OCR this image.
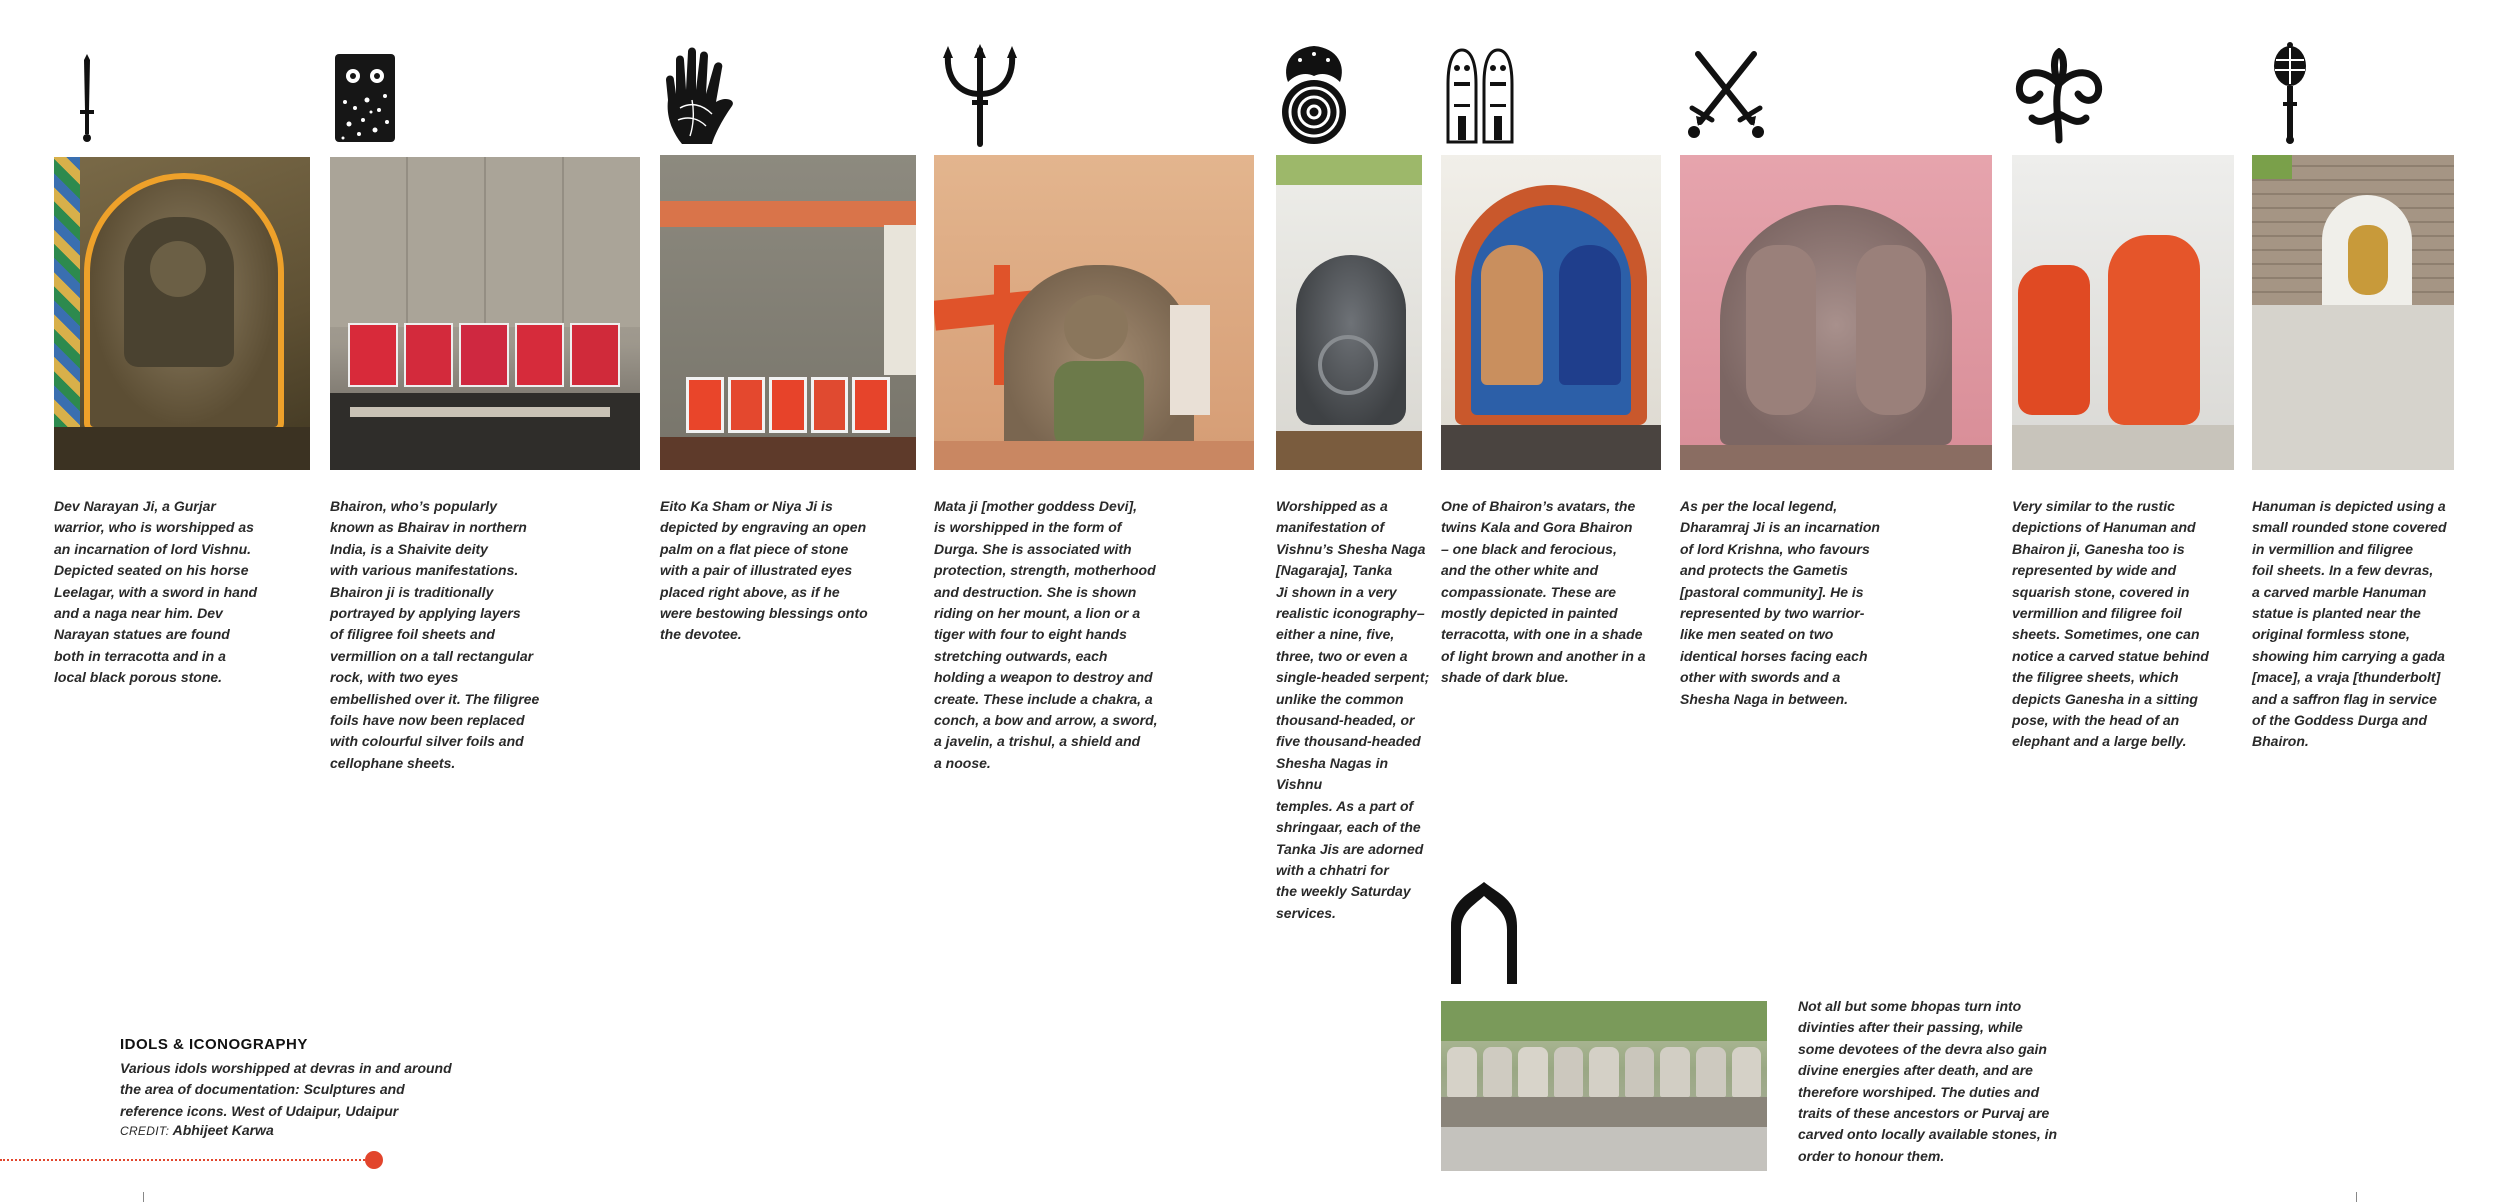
Dev Narayan Ji, a Gurjar
warrior, who is worshipped as
an incarnation of lord Vishnu.
Depicted seated on his horse
Leelagar, with a sword in hand
and a naga near him. Dev
Narayan statues are found
both in terracotta and in a
local black porous stone.

Bhairon, who’s popularly
known as Bhairav in northern
India, is a Shaivite deity
with various manifestations.
Bhairon ji is traditionally
portrayed by applying layers
of filigree foil sheets and
vermillion on a tall rectangular
rock, with two eyes
embellished over it. The filigree
foils have now been replaced
with colourful silver foils and
cellophane sheets.

Eito Ka Sham or Niya Ji is
depicted by engraving an open
palm on a flat piece of stone
with a pair of illustrated eyes
placed right above, as if he
were bestowing blessings onto
the devotee.

Mata ji [mother goddess Devi],
is worshipped in the form of
Durga. She is associated with
protection, strength, motherhood
and destruction. She is shown
riding on her mount, a lion or a
tiger with four to eight hands
stretching outwards, each
holding a weapon to destroy and
create. These include a chakra, a
conch, a bow and arrow, a sword,
a javelin, a trishul, a shield and
a noose.

Worshipped as a
manifestation of
Vishnu’s Shesha Naga
[Nagaraja], Tanka
Ji shown in a very
realistic iconography–
either a nine, five,
three, two or even a
single-headed serpent;
unlike the common
thousand-headed, or
five thousand-headed
Shesha Nagas in Vishnu
temples. As a part of
shringaar, each of the
Tanka Jis are adorned
with a chhatri for
the weekly Saturday
services.

One of Bhairon’s avatars, the
twins Kala and Gora Bhairon
– one black and ferocious,
and the other white and
compassionate. These are
mostly depicted in painted
terracotta, with one in a shade
of light brown and another in a
shade of dark blue.

As per the local legend,
Dharamraj Ji is an incarnation
of lord Krishna, who favours
and protects the Gametis
[pastoral community]. He is
represented by two warrior-
like men seated on two
identical horses facing each
other with swords and a
Shesha Naga in between.

Very similar to the rustic
depictions of Hanuman and
Bhairon ji, Ganesha too is
represented by wide and
squarish stone, covered in
vermillion and filigree foil
sheets. Sometimes, one can
notice a carved statue behind
the filigree sheets, which
depicts Ganesha in a sitting
pose, with the head of an
elephant and a large belly.

Hanuman is depicted using a
small rounded stone covered
in vermillion and filigree
foil sheets. In a few devras,
a carved marble Hanuman
statue is planted near the
original formless stone,
showing him carrying a gada
[mace], a vraja [thunderbolt]
and a saffron flag in service
of the Goddess Durga and
Bhairon.

Not all but some bhopas turn into
divinties after their passing, while
some devotees of the devra also gain
divine energies after death, and are
therefore worshiped. The duties and
traits of these ancestors or Purvaj are
carved onto locally available stones, in
order to honour them.

IDOLS & ICONOGRAPHY
Various idols worshipped at devras in and around
the area of documentation: Sculptures and
reference icons. West of Udaipur, Udaipur
CREDIT: Abhijeet Karwa
